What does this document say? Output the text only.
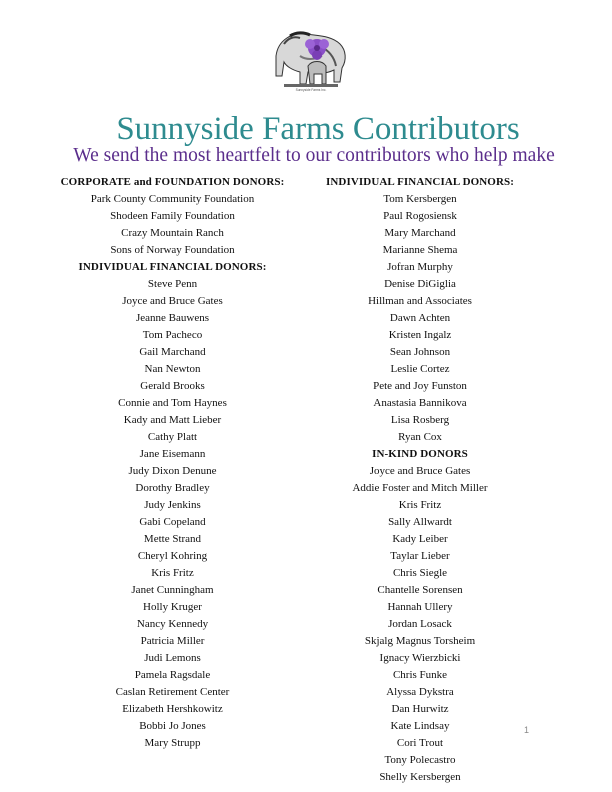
Sunnyside Farms Inc.
Sunnyside Farms Contributors
We send the most heartfelt to our contributors who help make
CORPORATE and FOUNDATION DONORS:
Park County Community Foundation
Shodeen Family Foundation
Crazy Mountain Ranch
Sons of Norway Foundation
INDIVIDUAL FINANCIAL DONORS:
Steve Penn
Joyce and Bruce Gates
Jeanne Bauwens
Tom Pacheco
Gail Marchand
Nan Newton
Gerald Brooks
Connie and Tom Haynes
Kady and Matt Lieber
Cathy Platt
Jane Eisemann
Judy Dixon Denune
Dorothy Bradley
Judy Jenkins
Gabi Copeland
Mette Strand
Cheryl Kohring
Kris Fritz
Janet Cunningham
Holly Kruger
Nancy Kennedy
Patricia Miller
Judi Lemons
Pamela Ragsdale
Caslan Retirement Center
Elizabeth Hershkowitz
Bobbi Jo Jones
Mary Strupp
INDIVIDUAL FINANCIAL DONORS:
Tom Kersbergen
Paul Rogosiensk
Mary Marchand
Marianne Shema
Jofran Murphy
Denise DiGiglia
Hillman and Associates
Dawn Achten
Kristen Ingalz
Sean Johnson
Leslie Cortez
Pete and Joy Funston
Anastasia Bannikova
Lisa Rosberg
Ryan Cox
IN-KIND DONORS
Joyce and Bruce Gates
Addie Foster and Mitch Miller
Kris Fritz
Sally Allwardt
Kady Leiber
Taylar Lieber
Chris Siegle
Chantelle Sorensen
Hannah Ullery
Jordan Losack
Skjalg Magnus Torsheim
Ignacy Wierzbicki
Chris Funke
Alyssa Dykstra
Dan Hurwitz
Kate Lindsay
Cori Trout
Tony Polecastro
Shelly Kersbergen
1
